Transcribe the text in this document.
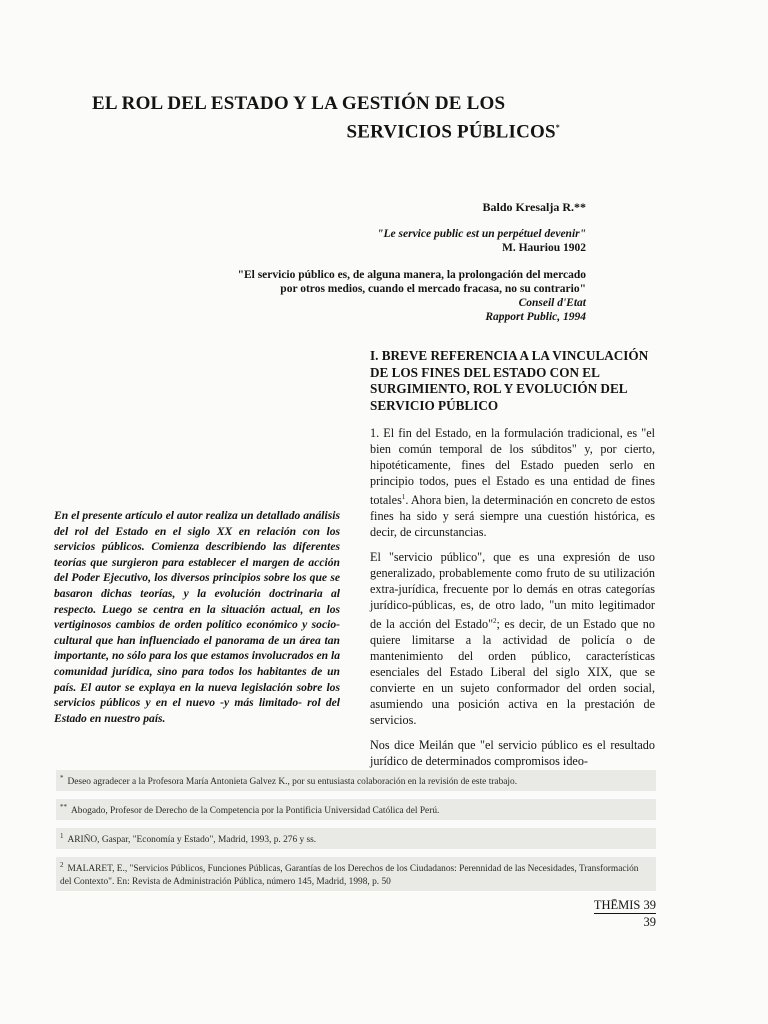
EL ROL DEL ESTADO Y LA GESTIÓN DE LOS
SERVICIOS PÚBLICOS*
Baldo Kresalja R.**
"Le service public est un perpétuel devenir"
M. Hauriou 1902
"El servicio público es, de alguna manera, la prolongación del mercado
por otros medios, cuando el mercado fracasa, no su contrario"
Conseil d'Etat
Rapport Public, 1994
En el presente artículo el autor realiza un detallado análisis del rol del Estado en el siglo XX en relación con los servicios públicos. Comienza describiendo las diferentes teorías que surgieron para establecer el margen de acción del Poder Ejecutivo, los diversos principios sobre los que se basaron dichas teorías, y la evolución doctrinaria al respecto. Luego se centra en la situación actual, en los vertiginosos cambios de orden político económico y socio-cultural que han influenciado el panorama de un área tan importante, no sólo para los que estamos involucrados en la comunidad jurídica, sino para todos los habitantes de un país. El autor se explaya en la nueva legislación sobre los servicios públicos y en el nuevo -y más limitado- rol del Estado en nuestro país.
I. BREVE REFERENCIA A LA VINCULACIÓN DE LOS FINES DEL ESTADO CON EL SURGIMIENTO, ROL Y EVOLUCIÓN DEL SERVICIO PÚBLICO

1. El fin del Estado, en la formulación tradicional, es "el bien común temporal de los súbditos" y, por cierto, hipotéticamente, fines del Estado pueden serlo en principio todos, pues el Estado es una entidad de fines totales$^1$. Ahora bien, la determinación en concreto de estos fines ha sido y será siempre una cuestión histórica, es decir, de circunstancias.

El "servicio público", que es una expresión de uso generalizado, probablemente como fruto de su utilización extra-jurídica, frecuente por lo demás en otras categorías jurídico-públicas, es, de otro lado, "un mito legitimador de la acción del Estado"$^2$; es decir, de un Estado que no quiere limitarse a la actividad de policía o de mantenimiento del orden público, características esenciales del Estado Liberal del siglo XIX, que se convierte en un sujeto conformador del orden social, asumiendo una posición activa en la prestación de servicios.

Nos dice Meilán que "el servicio público es el resultado jurídico de determinados compromisos ideo-

* Deseo agradecer a la Profesora María Antonieta Galvez K., por su entusiasta colaboración en la revisión de este trabajo.
** Abogado, Profesor de Derecho de la Competencia por la Pontificia Universidad Católica del Perú.
$^1$ ARIÑO, Gaspar, "Economía y Estado", Madrid, 1993, p. 276 y ss.
$^2$ MALARET, E., "Servicios Públicos, Funciones Públicas, Garantías de los Derechos de los Ciudadanos: Perennidad de las Necesidades, Transformación del Contexto". En: Revista de Administración Pública, número 145, Madrid, 1998, p. 50
THĒMIS 39
39
